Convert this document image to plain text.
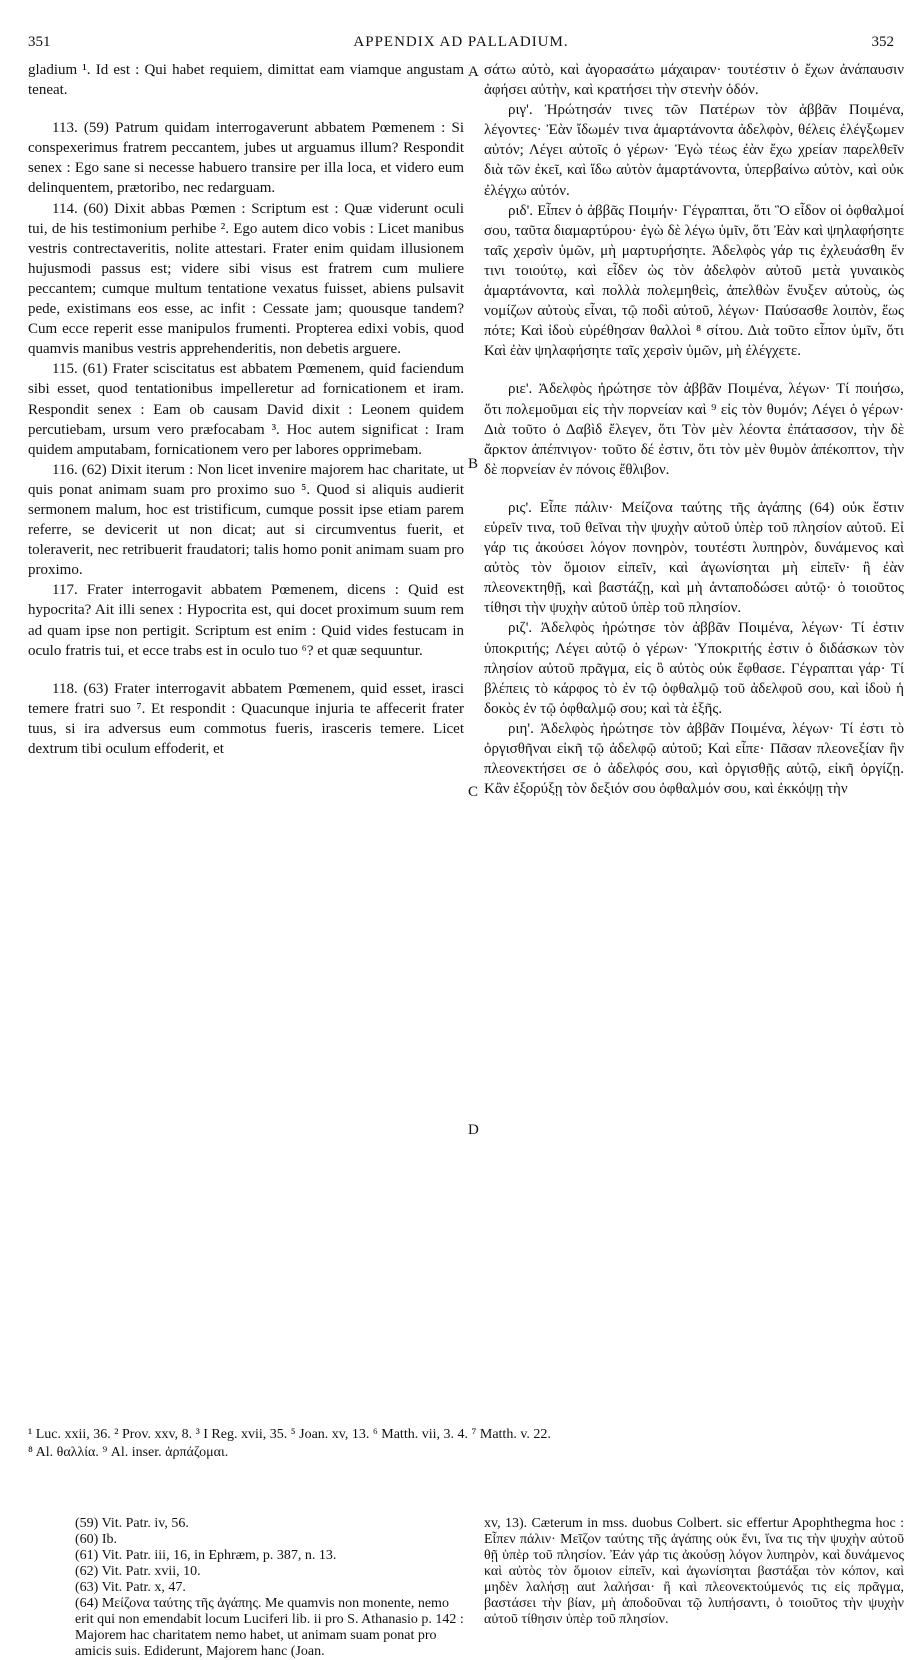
351	APPENDIX AD PALLADIUM.	352

gladium ¹. Id est : Qui habet requiem, dimittat eam viamque angustam teneat.

113. (59) Patrum quidam interrogaverunt abbatem Pœmenem : Si conspexerimus fratrem peccantem, jubes ut arguamus illum? Respondit senex : Ego sane si necesse habuero transire per illa loca, et videro eum delinquentem, prætoribo, nec redarguam.

114. (60) Dixit abbas Pœmen : Scriptum est : Quæ viderunt oculi tui, de his testimonium perhibe ². Ego autem dico vobis : Licet manibus vestris contrectaveritis, nolite attestari. Frater enim quidam illusionem hujusmodi passus est; videre sibi visus est fratrem cum muliere peccantem; cumque multum tentatione vexatus fuisset, abiens pulsavit pede, existimans eos esse, ac infit : Cessate jam; quousque tandem? Cum ecce reperit esse manipulos frumenti. Propterea edixi vobis, quod quamvis manibus vestris apprehenderitis, non debetis arguere.

115. (61) Frater sciscitatus est abbatem Pœmenem, quid faciendum sibi esset, quod tentationibus impelleretur ad fornicationem et iram. Respondit senex : Eam ob causam David dixit : Leonem quidem percutiebam, ursum vero præfocabam ³. Hoc autem significat : Iram quidem amputabam, fornicationem vero per labores opprimebam.

116. (62) Dixit iterum : Non licet invenire majorem hac charitate, ut quis ponat animam suam pro proximo suo ⁵. Quod si aliquis audierit sermonem malum, hoc est tristificum, cumque possit ipse etiam parem referre, se devicerit ut non dicat; aut si circumventus fuerit, et toleraverit, nec retribuerit fraudatori; talis homo ponit animam suam pro proximo.

117. Frater interrogavit abbatem Pœmenem, dicens : Quid est hypocrita? Ait illi senex : Hypocrita est, qui docet proximum suum rem ad quam ipse non pertigit. Scriptum est enim : Quid vides festucam in oculo fratris tui, et ecce trabs est in oculo tuo ⁶? et quæ sequuntur.

118. (63) Frater interrogavit abbatem Pœmenem, quid esset, irasci temere fratri suo ⁷. Et respondit : Quacunque injuria te affecerit frater tuus, si ira adversus eum commotus fueris, irasceris temere. Licet dextrum tibi oculum effoderit, et

A
B
C
D

σάτω αὐτὸ, καὶ ἀγορασάτω μάχαιραν· τουτέστιν ὁ ἔχων ἀνάπαυσιν ἀφήσει αὐτὴν, καὶ κρατήσει τὴν στενὴν ὁδόν.

ριγ'. Ἠρώτησάν τινες τῶν Πατέρων τὸν ἀββᾶν Ποιμένα, λέγοντες· Ἐὰν ἴδωμέν τινα ἁμαρτάνοντα ἀδελφὸν, θέλεις ἐλέγξωμεν αὐτόν; Λέγει αὐτοῖς ὁ γέρων· Ἐγὼ τέως ἐὰν ἔχω χρείαν παρελθεῖν διὰ τῶν ἐκεῖ, καὶ ἴδω αὐτὸν ἁμαρτάνοντα, ὑπερβαίνω αὐτὸν, καὶ οὐκ ἐλέγχω αὐτόν.

ριδ'. Εἶπεν ὁ ἀββᾶς Ποιμήν· Γέγραπται, ὅτι Ὃ εἶδον οἱ ὀφθαλμοί σου, ταῦτα διαμαρτύρου· ἐγὼ δὲ λέγω ὑμῖν, ὅτι Ἐὰν καὶ ψηλαφήσητε ταῖς χερσὶν ὑμῶν, μὴ μαρτυρήσητε. Ἀδελφὸς γάρ τις ἐχλευάσθη ἔν τινι τοιούτῳ, καὶ εἶδεν ὡς τὸν ἀδελφὸν αὐτοῦ μετὰ γυναικὸς ἁμαρτάνοντα, καὶ πολλὰ πολεμηθεὶς, ἀπελθὼν ἔνυξεν αὐτοὺς, ὡς νομίζων αὐτοὺς εἶναι, τῷ ποδὶ αὐτοῦ, λέγων· Παύσασθε λοιπὸν, ἕως πότε; Καὶ ἰδοὺ εὑρέθησαν θαλλοὶ ⁸ σίτου. Διὰ τοῦτο εἶπον ὑμῖν, ὅτι Καὶ ἐὰν ψηλαφήσητε ταῖς χερσὶν ὑμῶν, μὴ ἐλέγχετε.

ριε'. Ἀδελφὸς ἠρώτησε τὸν ἀββᾶν Ποιμένα, λέγων· Τί ποιήσω, ὅτι πολεμοῦμαι εἰς τὴν πορνείαν καὶ ⁹ εἰς τὸν θυμόν; Λέγει ὁ γέρων· Διὰ τοῦτο ὁ Δαβὶδ ἔλεγεν, ὅτι Τὸν μὲν λέοντα ἐπάτασσον, τὴν δὲ ἄρκτον ἀπέπνιγον· τοῦτο δέ ἐστιν, ὅτι τὸν μὲν θυμὸν ἀπέκοπτον, τὴν δὲ πορνείαν ἐν πόνοις ἔθλιβον.

ρις'. Εἶπε πάλιν· Μείζονα ταύτης τῆς ἀγάπης (64) οὐκ ἔστιν εὑρεῖν τινα, τοῦ θεῖναι τὴν ψυχὴν αὐτοῦ ὑπὲρ τοῦ πλησίον αὐτοῦ. Εἰ γάρ τις ἀκούσει λόγον πονηρὸν, τουτέστι λυπηρὸν, δυνάμενος καὶ αὐτὸς τὸν ὅμοιον εἰπεῖν, καὶ ἀγωνίσηται μὴ εἰπεῖν· ἢ ἐὰν πλεονεκτηθῇ, καὶ βαστάζῃ, καὶ μὴ ἀνταποδώσει αὐτῷ· ὁ τοιοῦτος τίθησι τὴν ψυχὴν αὐτοῦ ὑπὲρ τοῦ πλησίον.

ριζ'. Ἀδελφὸς ἠρώτησε τὸν ἀββᾶν Ποιμένα, λέγων· Τί ἐστιν ὑποκριτής; Λέγει αὐτῷ ὁ γέρων· Ὑποκριτής ἐστιν ὁ διδάσκων τὸν πλησίον αὐτοῦ πρᾶγμα, εἰς ὃ αὐτὸς οὐκ ἔφθασε. Γέγραπται γάρ· Τί βλέπεις τὸ κάρφος τὸ ἐν τῷ ὀφθαλμῷ τοῦ ἀδελφοῦ σου, καὶ ἰδοὺ ἡ δοκὸς ἐν τῷ ὀφθαλμῷ σου; καὶ τὰ ἑξῆς.

ριη'. Ἀδελφὸς ἠρώτησε τὸν ἀββᾶν Ποιμένα, λέγων· Τί ἐστι τὸ ὀργισθῆναι εἰκῆ τῷ ἀδελφῷ αὐτοῦ; Καὶ εἶπε· Πᾶσαν πλεονεξίαν ἣν πλεονεκτήσει σε ὁ ἀδελφός σου, καὶ ὀργισθῇς αὐτῷ, εἰκῆ ὀργίζῃ. Κἂν ἐξορύξῃ τὸν δεξιόν σου ὀφθαλμόν σου, καὶ ἐκκόψῃ τὴν

¹ Luc. xxii, 36. ² Prov. xxv, 8. ³ I Reg. xvii, 35. ⁵ Joan. xv, 13. ⁶ Matth. vii, 3. 4. ⁷ Matth. v. 22.
⁸ Al. θαλλία. ⁹ Al. inser. ἁρπάζομαι.
(59) Vit. Patr. iv, 56.
(60) Ib.
(61) Vit. Patr. iii, 16, in Ephræm, p. 387, n. 13.
(62) Vit. Patr. xvii, 10.
(63) Vit. Patr. x, 47.
(64) Μείζονα ταύτης τῆς ἀγάπης. Me quamvis non monente, nemo erit qui non emendabit locum Luciferi lib. ii pro S. Athanasio p. 142 : Majorem hac charitatem nemo habet, ut animam suam ponat pro amicis suis. Ediderunt, Majorem hanc (Joan.
xv, 13). Cæterum in mss. duobus Colbert. sic effertur Apophthegma hoc : Εἶπεν πάλιν· Μεῖζον ταύτης τῆς ἀγάπης οὐκ ἔνι, ἵνα τις τὴν ψυχὴν αὐτοῦ θῇ ὑπὲρ τοῦ πλησίον. Ἐάν γάρ τις ἀκούσῃ λόγον λυπηρὸν, καὶ δυνάμενος καὶ αὐτὸς τὸν ὅμοιον εἰπεῖν, καὶ ἀγωνίσηται βαστάξαι τὸν κόπον, καὶ μηδὲν λαλήσῃ αut λαλήσαι· ἢ καὶ πλεονεκτούμενός τις εἰς πρᾶγμα, βαστάσει τὴν βίαν, μὴ ἀποδοῦναι τῷ λυπήσαντι, ὁ τοιοῦτος τὴν ψυχὴν αὐτοῦ τίθησιν ὑπὲρ τοῦ πλησίον.
